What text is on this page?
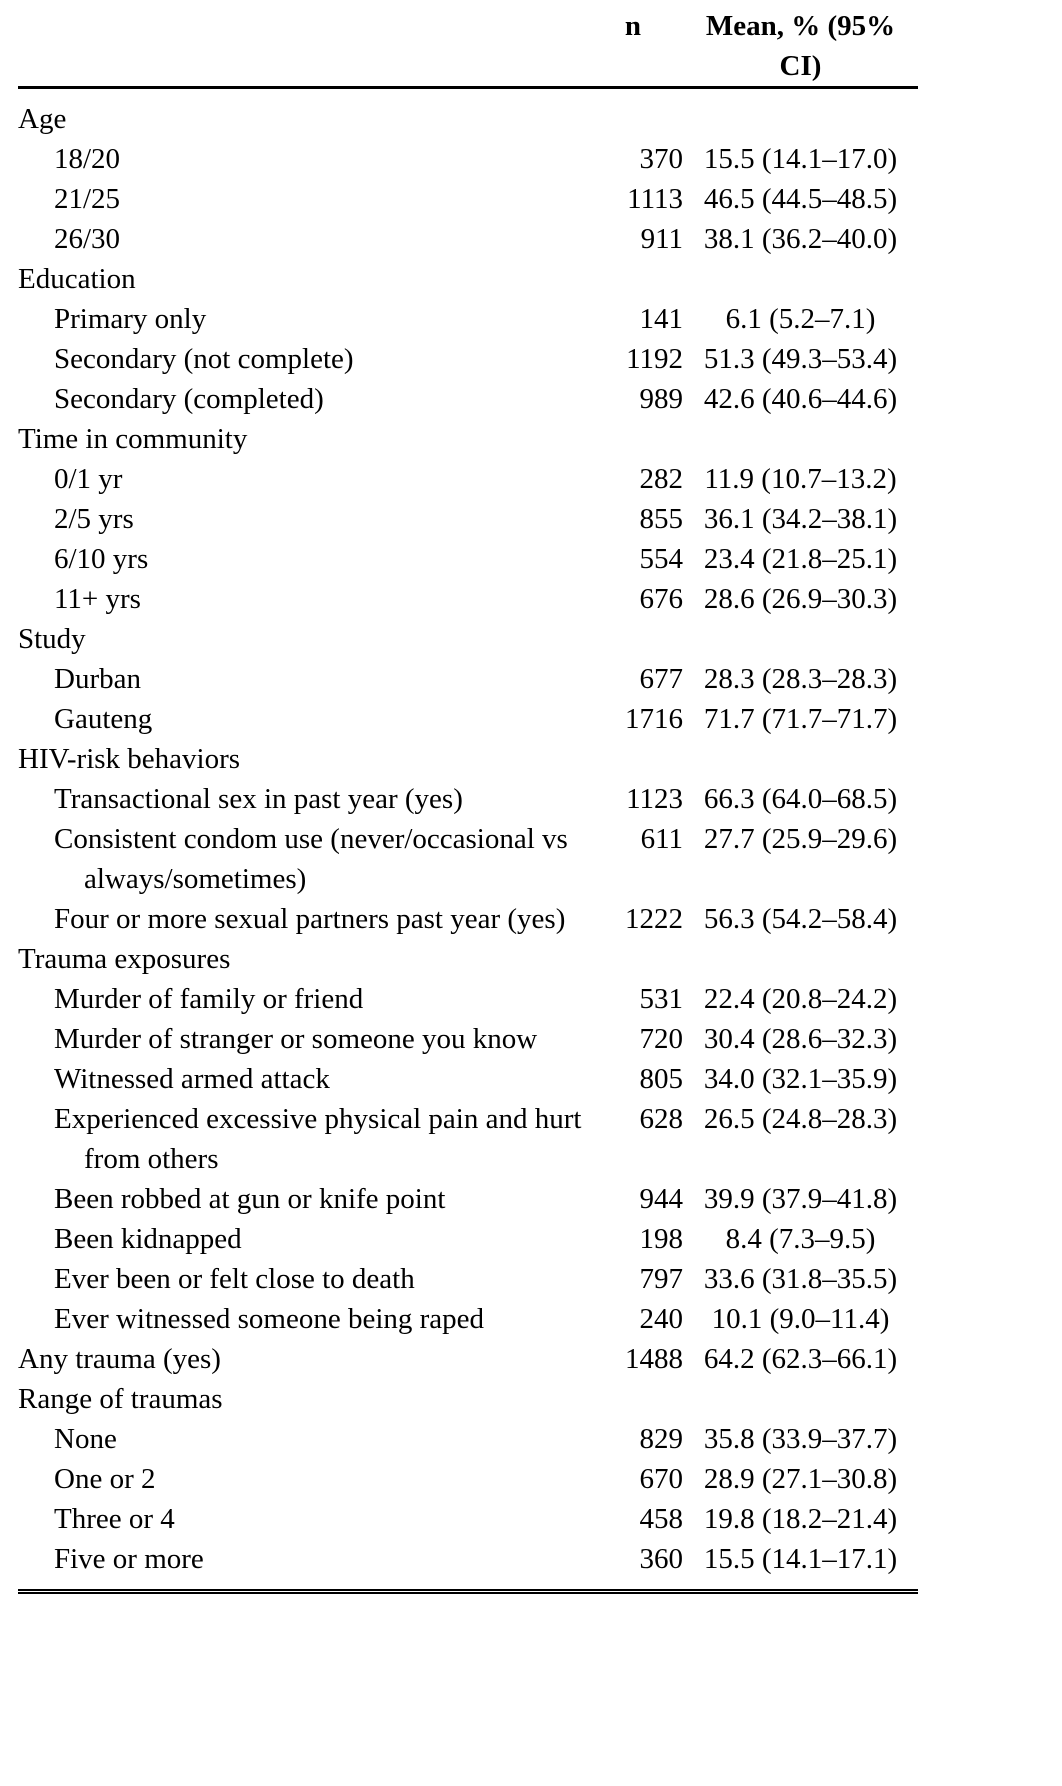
	n	Mean, % (95% CI)
Age		
18/20	370	15.5 (14.1–17.0)
21/25	1113	46.5 (44.5–48.5)
26/30	911	38.1 (36.2–40.0)
Education		
Primary only	141	6.1 (5.2–7.1)
Secondary (not complete)	1192	51.3 (49.3–53.4)
Secondary (completed)	989	42.6 (40.6–44.6)
Time in community		
0/1 yr	282	11.9 (10.7–13.2)
2/5 yrs	855	36.1 (34.2–38.1)
6/10 yrs	554	23.4 (21.8–25.1)
11+ yrs	676	28.6 (26.9–30.3)
Study		
Durban	677	28.3 (28.3–28.3)
Gauteng	1716	71.7 (71.7–71.7)
HIV-risk behaviors		
Transactional sex in past year (yes)	1123	66.3 (64.0–68.5)
Consistent condom use (never/occasional vs always/sometimes)	611	27.7 (25.9–29.6)
Four or more sexual partners past year (yes)	1222	56.3 (54.2–58.4)
Trauma exposures		
Murder of family or friend	531	22.4 (20.8–24.2)
Murder of stranger or someone you know	720	30.4 (28.6–32.3)
Witnessed armed attack	805	34.0 (32.1–35.9)
Experienced excessive physical pain and hurt from others	628	26.5 (24.8–28.3)
Been robbed at gun or knife point	944	39.9 (37.9–41.8)
Been kidnapped	198	8.4 (7.3–9.5)
Ever been or felt close to death	797	33.6 (31.8–35.5)
Ever witnessed someone being raped	240	10.1 (9.0–11.4)
Any trauma (yes)	1488	64.2 (62.3–66.1)
Range of traumas		
None	829	35.8 (33.9–37.7)
One or 2	670	28.9 (27.1–30.8)
Three or 4	458	19.8 (18.2–21.4)
Five or more	360	15.5 (14.1–17.1)
